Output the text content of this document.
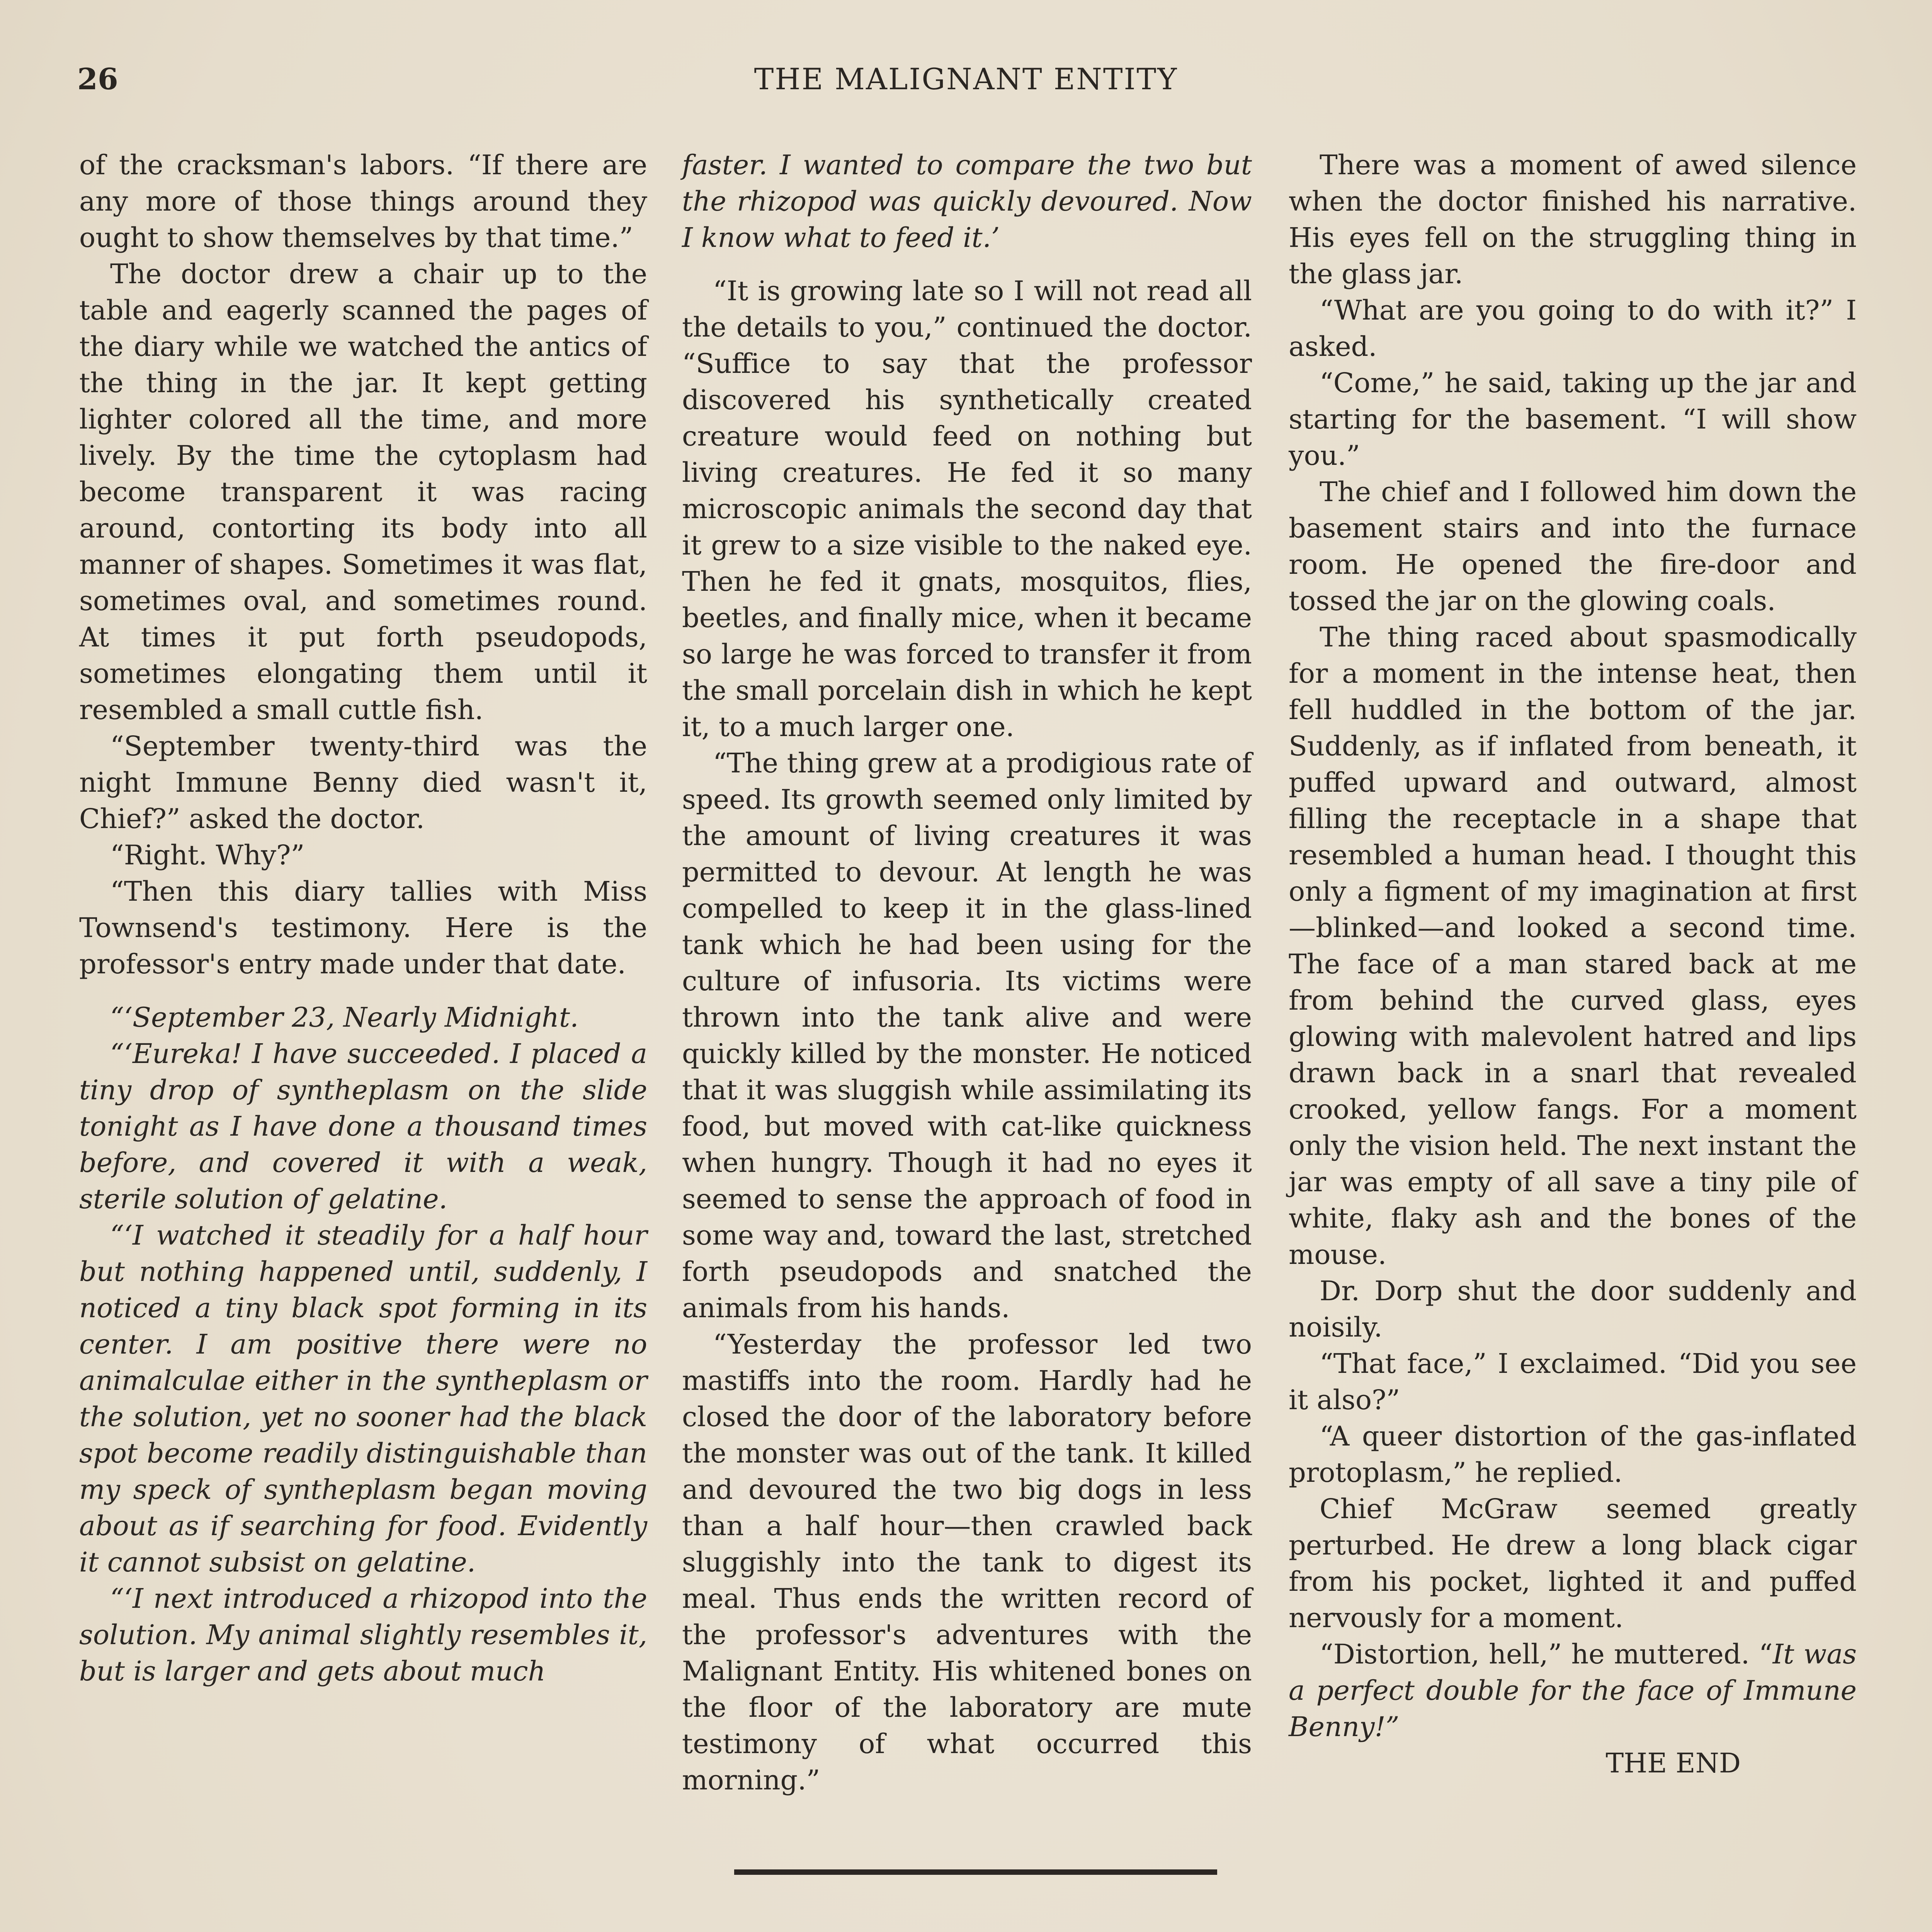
THE MALIGNANT ENTITY
26

of the cracksman's labors. “If there are any more of those things around they ought to show themselves by that time.”

The doctor drew a chair up to the table and eagerly scanned the pages of the diary while we watched the antics of the thing in the jar. It kept getting lighter colored all the time, and more lively. By the time the cytoplasm had become transparent it was racing around, contorting its body into all manner of shapes. Sometimes it was flat, sometimes oval, and sometimes round. At times it put forth pseudopods, sometimes elongating them until it resembled a small cuttle fish.

“September twenty-third was the night Immune Benny died wasn't it, Chief?” asked the doctor.

“Right. Why?”

“Then this diary tallies with Miss Townsend's testimony. Here is the professor's entry made under that date.

“‘September 23, Nearly Midnight.

“‘Eureka! I have succeeded. I placed a tiny drop of syntheplasm on the slide tonight as I have done a thousand times before, and covered it with a weak, sterile solution of gelatine.

“‘I watched it steadily for a half hour but nothing happened until, suddenly, I noticed a tiny black spot forming in its center. I am positive there were no animalculae either in the syntheplasm or the solution, yet no sooner had the black spot become readily distinguishable than my speck of syntheplasm began moving about as if searching for food. Evidently it cannot subsist on gelatine.

“‘I next introduced a rhizopod into the solution. My animal slightly resembles it, but is larger and gets about much

faster. I wanted to compare the two but the rhizopod was quickly devoured. Now I know what to feed it.’

“It is growing late so I will not read all the details to you,” continued the doctor. “Suffice to say that the professor discovered his synthetically created creature would feed on nothing but living creatures. He fed it so many microscopic animals the second day that it grew to a size visible to the naked eye. Then he fed it gnats, mosquitos, flies, beetles, and finally mice, when it became so large he was forced to transfer it from the small porcelain dish in which he kept it, to a much larger one.

“The thing grew at a prodigious rate of speed. Its growth seemed only limited by the amount of living creatures it was permitted to devour. At length he was compelled to keep it in the glass-lined tank which he had been using for the culture of infusoria. Its victims were thrown into the tank alive and were quickly killed by the monster. He noticed that it was sluggish while assimilating its food, but moved with cat-like quickness when hungry. Though it had no eyes it seemed to sense the approach of food in some way and, toward the last, stretched forth pseudopods and snatched the animals from his hands.

“Yesterday the professor led two mastiffs into the room. Hardly had he closed the door of the laboratory before the monster was out of the tank. It killed and devoured the two big dogs in less than a half hour—then crawled back sluggishly into the tank to digest its meal. Thus ends the written record of the professor's adventures with the Malignant Entity. His whitened bones on the floor of the laboratory are mute testimony of what occurred this morning.”

There was a moment of awed silence when the doctor finished his narrative. His eyes fell on the struggling thing in the glass jar.

“What are you going to do with it?” I asked.

“Come,” he said, taking up the jar and starting for the basement. “I will show you.”

The chief and I followed him down the basement stairs and into the furnace room. He opened the fire-door and tossed the jar on the glowing coals.

The thing raced about spasmodically for a moment in the intense heat, then fell huddled in the bottom of the jar. Suddenly, as if inflated from beneath, it puffed upward and outward, almost filling the receptacle in a shape that resembled a human head. I thought this only a figment of my imagination at first—blinked—and looked a second time. The face of a man stared back at me from behind the curved glass, eyes glowing with malevolent hatred and lips drawn back in a snarl that revealed crooked, yellow fangs. For a moment only the vision held. The next instant the jar was empty of all save a tiny pile of white, flaky ash and the bones of the mouse.

Dr. Dorp shut the door suddenly and noisily.

“That face,” I exclaimed. “Did you see it also?”

“A queer distortion of the gas-inflated protoplasm,” he replied.

Chief McGraw seemed greatly perturbed. He drew a long black cigar from his pocket, lighted it and puffed nervously for a moment.

“Distortion, hell,” he muttered. “It was a perfect double for the face of Immune Benny!”

THE END
